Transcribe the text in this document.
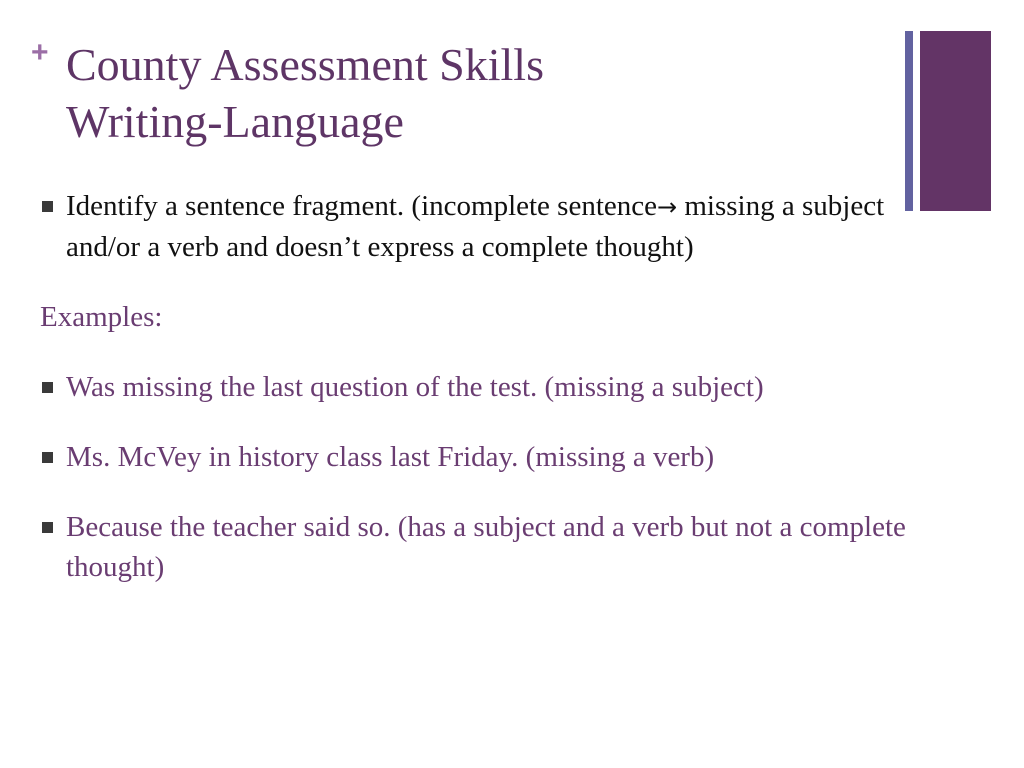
+ County Assessment Skills
Writing-Language
Identify a sentence fragment. (incomplete sentence→ missing a subject and/or a verb and doesn’t express a complete thought)

Examples:

Was missing the last question of the test. (missing a subject)
Ms. McVey in history class last Friday. (missing a verb)
Because the teacher said so. (has a subject and a verb but not a complete thought)
